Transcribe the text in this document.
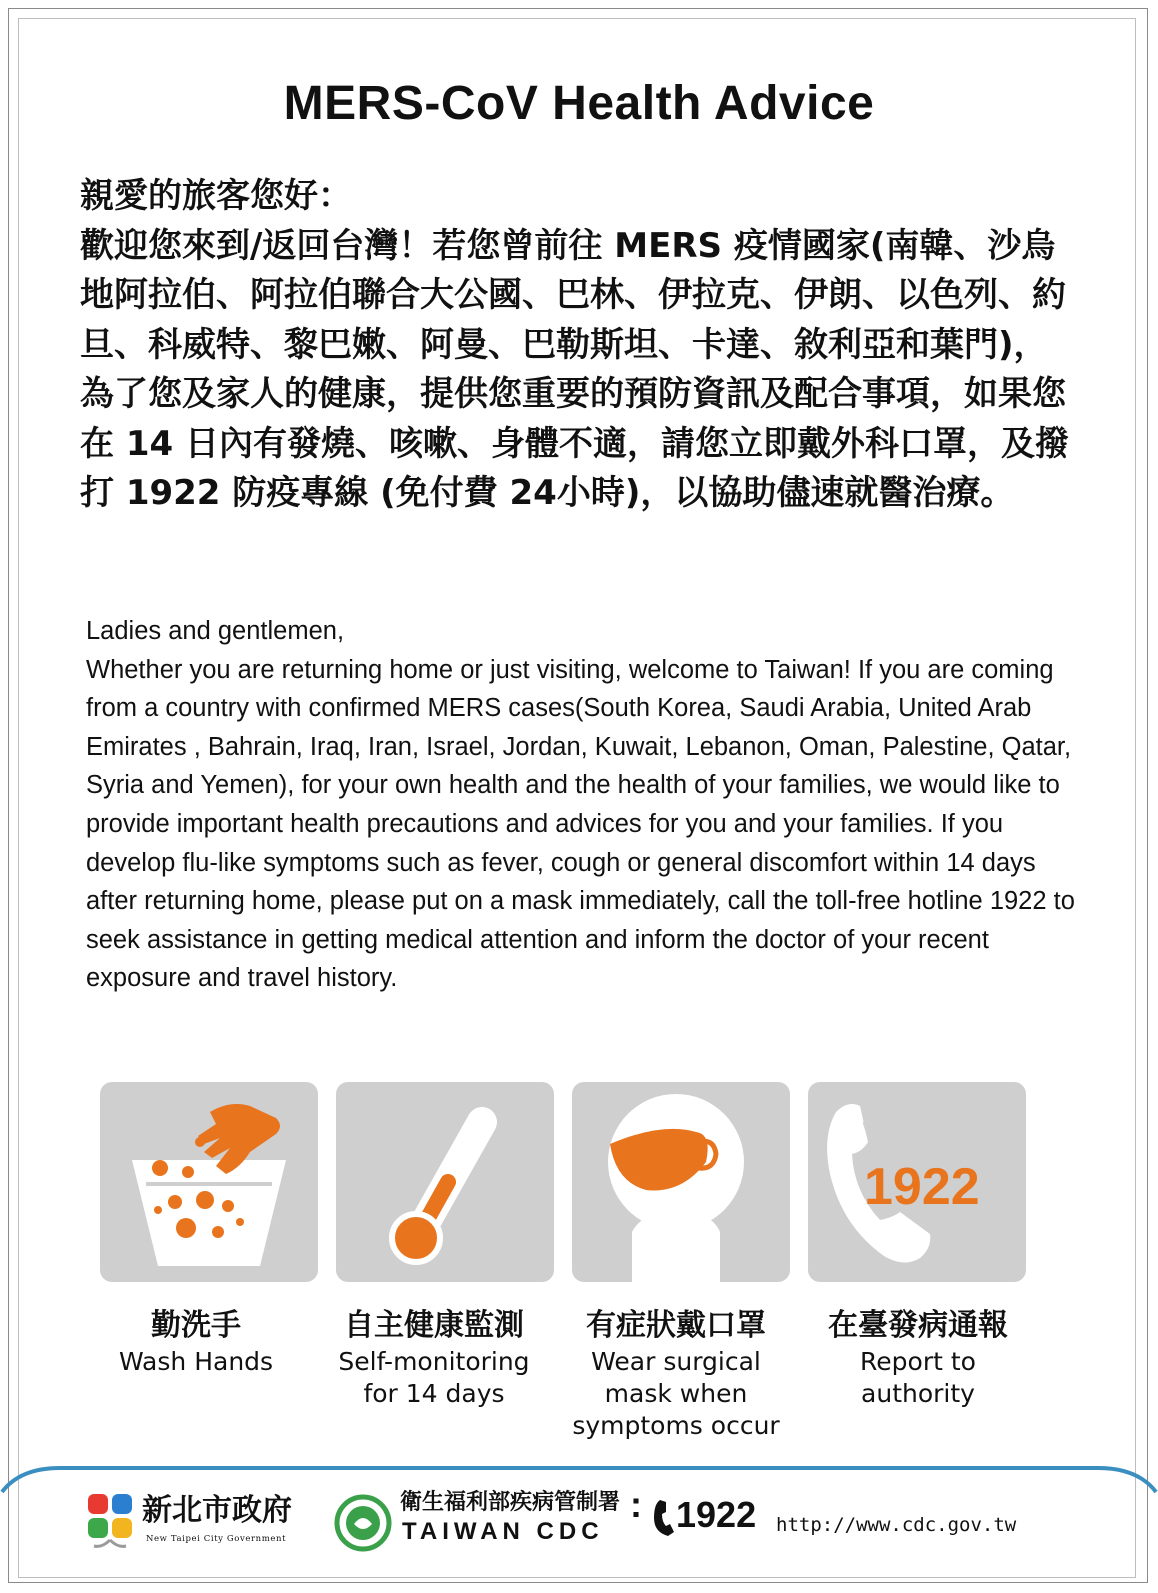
MERS-CoV Health Advice

親愛的旅客您好：

歡迎您來到/返回台灣！若您曾前往 MERS 疫情國家(南韓、沙烏地阿拉伯、阿拉伯聯合大公國、巴林、伊拉克、伊朗、以色列、約旦、科威特、黎巴嫩、阿曼、巴勒斯坦、卡達、敘利亞和葉門)，為了您及家人的健康，提供您重要的預防資訊及配合事項，如果您在 14 日內有發燒、咳嗽、身體不適，請您立即戴外科口罩，及撥打 1922 防疫專線 (免付費 24小時)，以協助儘速就醫治療。

Ladies and gentlemen,

Whether you are returning home or just visiting, welcome to Taiwan! If you are coming from a country with confirmed MERS cases(South Korea, Saudi Arabia, United Arab Emirates , Bahrain, Iraq, Iran, Israel, Jordan, Kuwait, Lebanon, Oman, Palestine, Qatar, Syria and Yemen), for your own health and the health of your families, we would like to provide important health precautions and advices for you and your families. If you develop flu-like symptoms such as fever, cough or general discomfort within 14 days after returning home, please put on a mask immediately, call the toll-free hotline 1922 to seek assistance in getting medical attention and inform the doctor of your recent exposure and travel history.

1922
勤洗手
Wash Hands
自主健康監測
Self-monitoring
for 14 days
有症狀戴口罩
Wear surgical
mask when
symptoms occur
在臺發病通報
Report to
authority
新北市政府
New Taipei City Government
衛生福利部疾病管制署
TAIWAN CDC
: 1922 http://www.cdc.gov.tw
